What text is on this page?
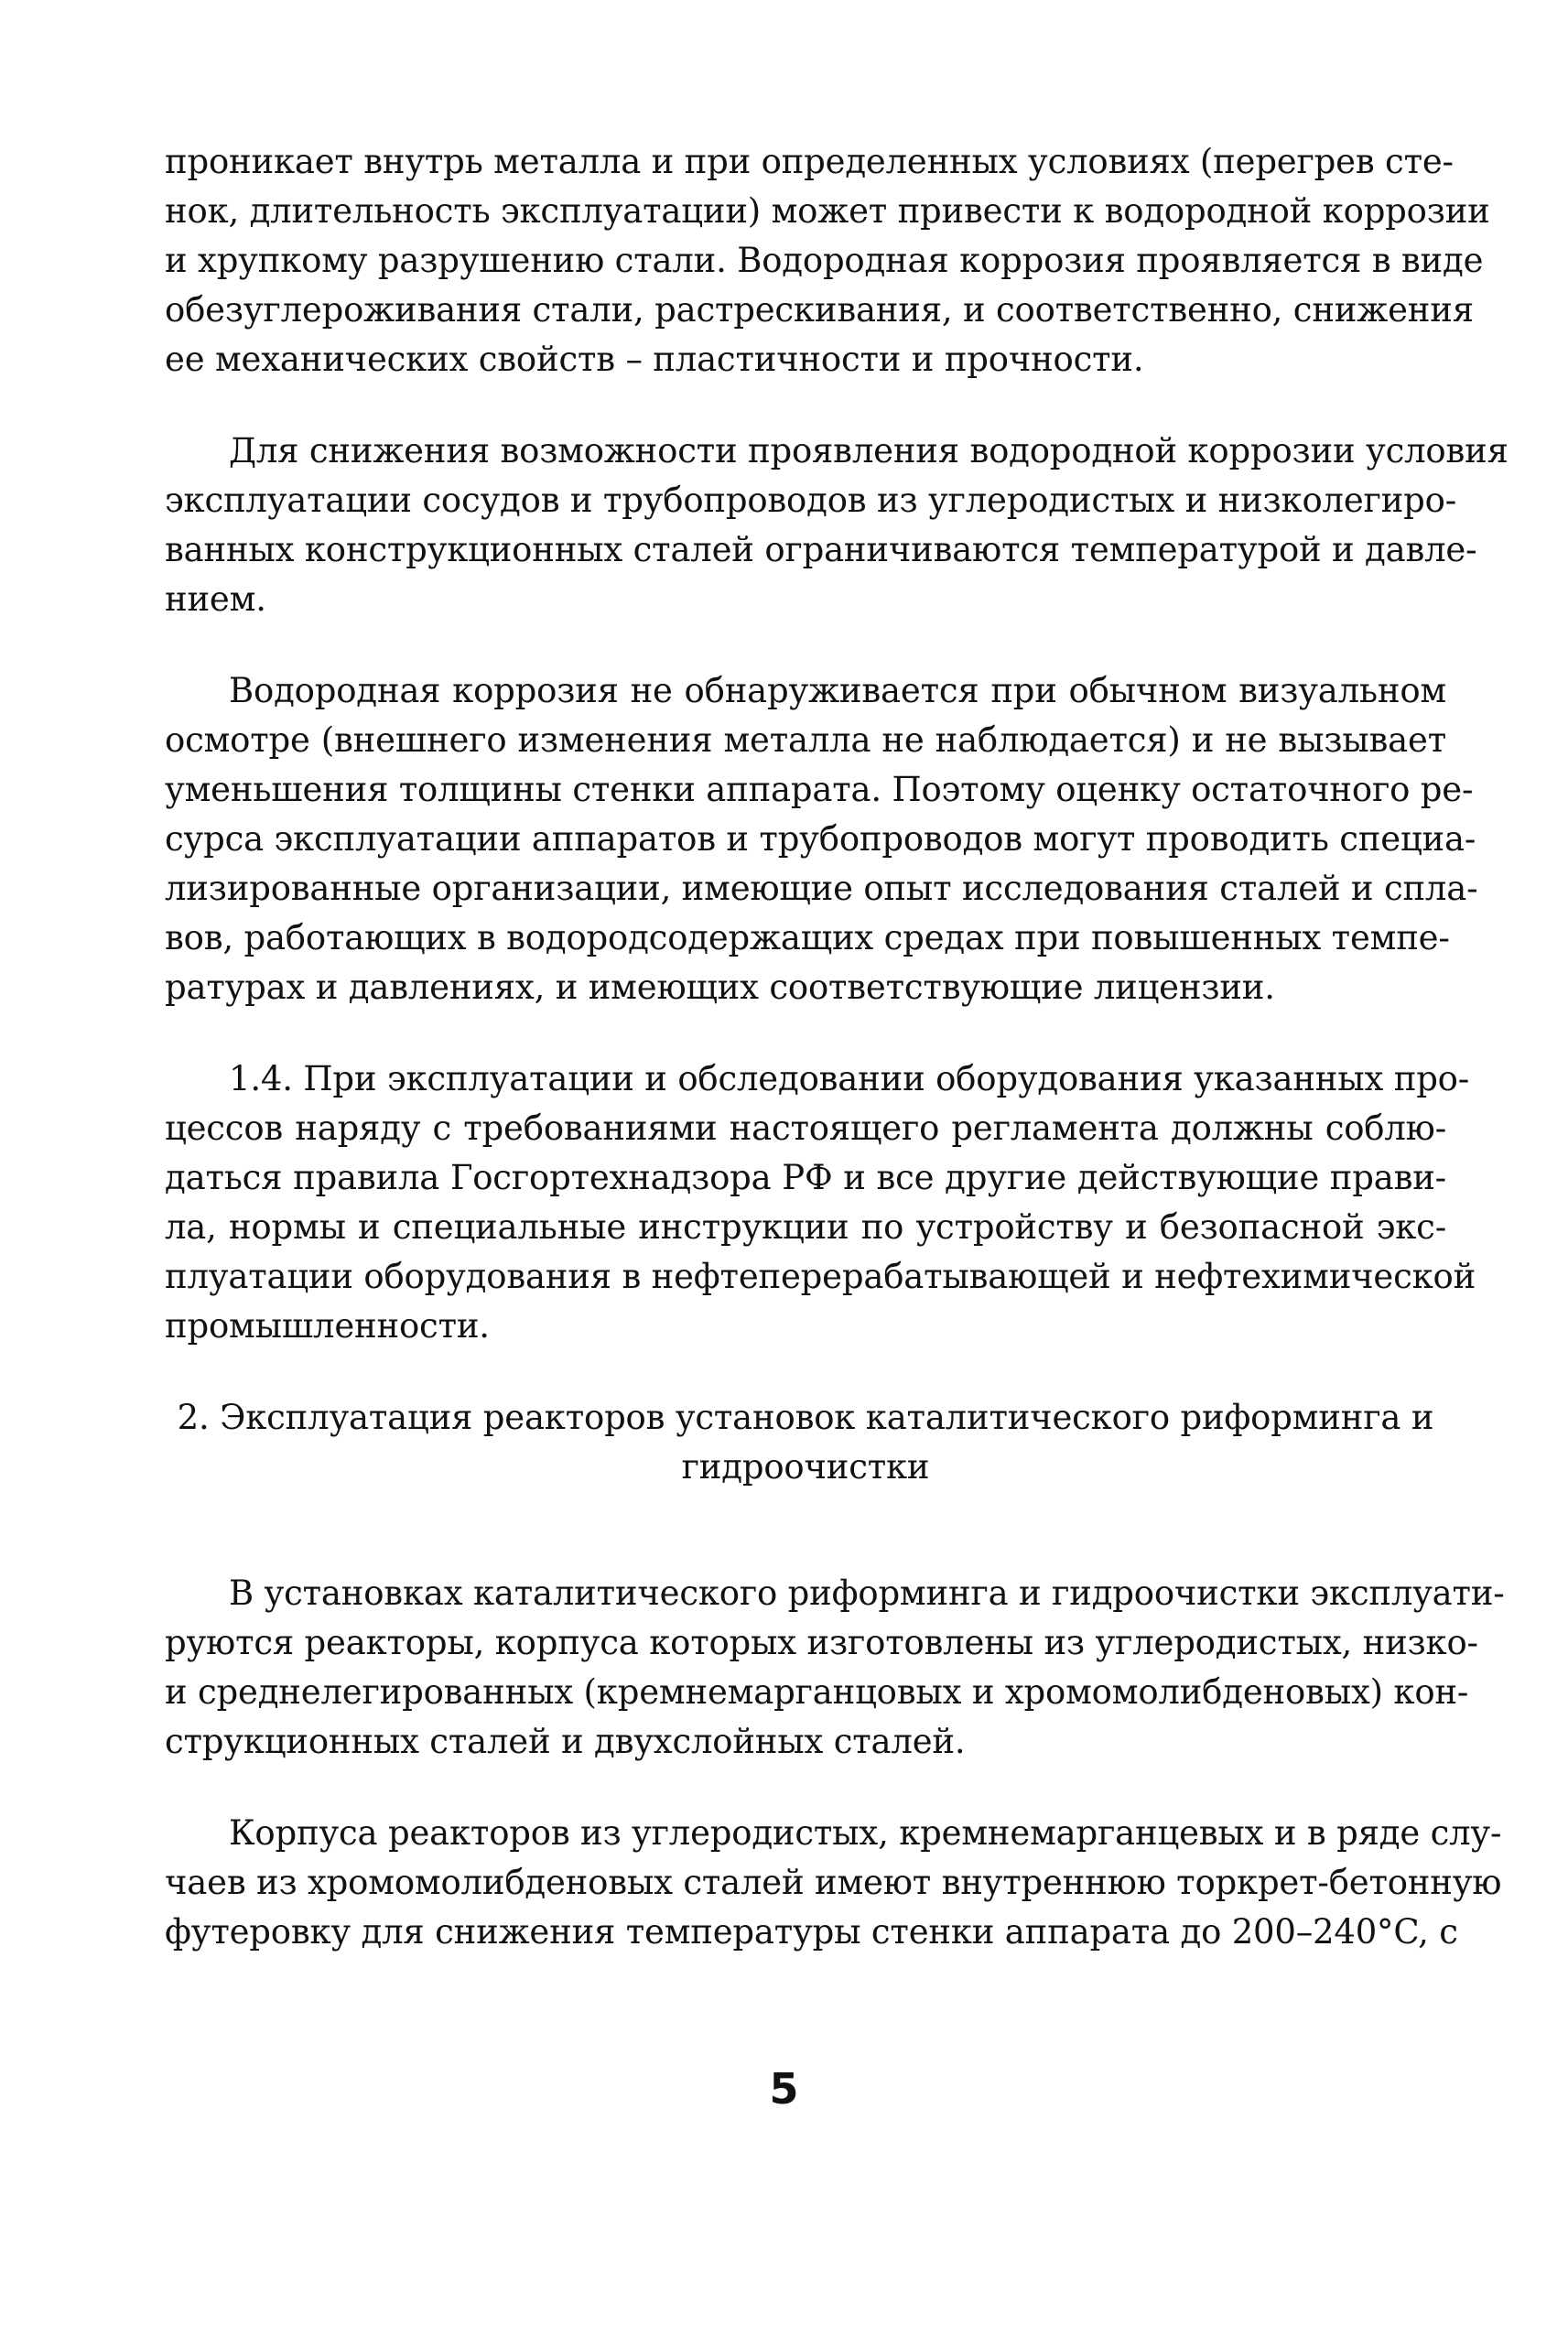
проникает внутрь металла и при определенных условиях (перегрев сте-
нок, длительность эксплуатации) может привести к водородной коррозии
и хрупкому разрушению стали. Водородная коррозия проявляется в виде
обезуглероживания стали, растрескивания, и соответственно, снижения
ее механических свойств – пластичности и прочности.
Для снижения возможности проявления водородной коррозии условия
эксплуатации сосудов и трубопроводов из углеродистых и низколегиро-
ванных конструкционных сталей ограничиваются температурой и давле-
нием.
Водородная коррозия не обнаруживается при обычном визуальном
осмотре (внешнего изменения металла не наблюдается) и не вызывает
уменьшения толщины стенки аппарата. Поэтому оценку остаточного ре-
сурса эксплуатации аппаратов и трубопроводов могут проводить специа-
лизированные организации, имеющие опыт исследования сталей и спла-
вов, работающих в водородсодержащих средах при повышенных темпе-
ратурах и давлениях, и имеющих соответствующие лицензии.
1.4. При эксплуатации и обследовании оборудования указанных про-
цессов наряду с требованиями настоящего регламента должны соблю-
даться правила Госгортехнадзора РФ и все другие действующие прави-
ла, нормы и специальные инструкции по устройству и безопасной экс-
плуатации оборудования в нефтеперерабатывающей и нефтехимической
промышленности.
2. Эксплуатация реакторов установок каталитического риформинга и
гидроочистки
В установках каталитического риформинга и гидроочистки эксплуати-
руются реакторы, корпуса которых изготовлены из углеродистых, низко-
и среднелегированных (кремнемарганцовых и хромомолибденовых) кон-
струкционных сталей и двухслойных сталей.
Корпуса реакторов из углеродистых, кремнемарганцевых и в ряде слу-
чаев из хромомолибденовых сталей имеют внутреннюю торкрет-бетонную
футеровку для снижения температуры стенки аппарата до 200–240°C, с
5
